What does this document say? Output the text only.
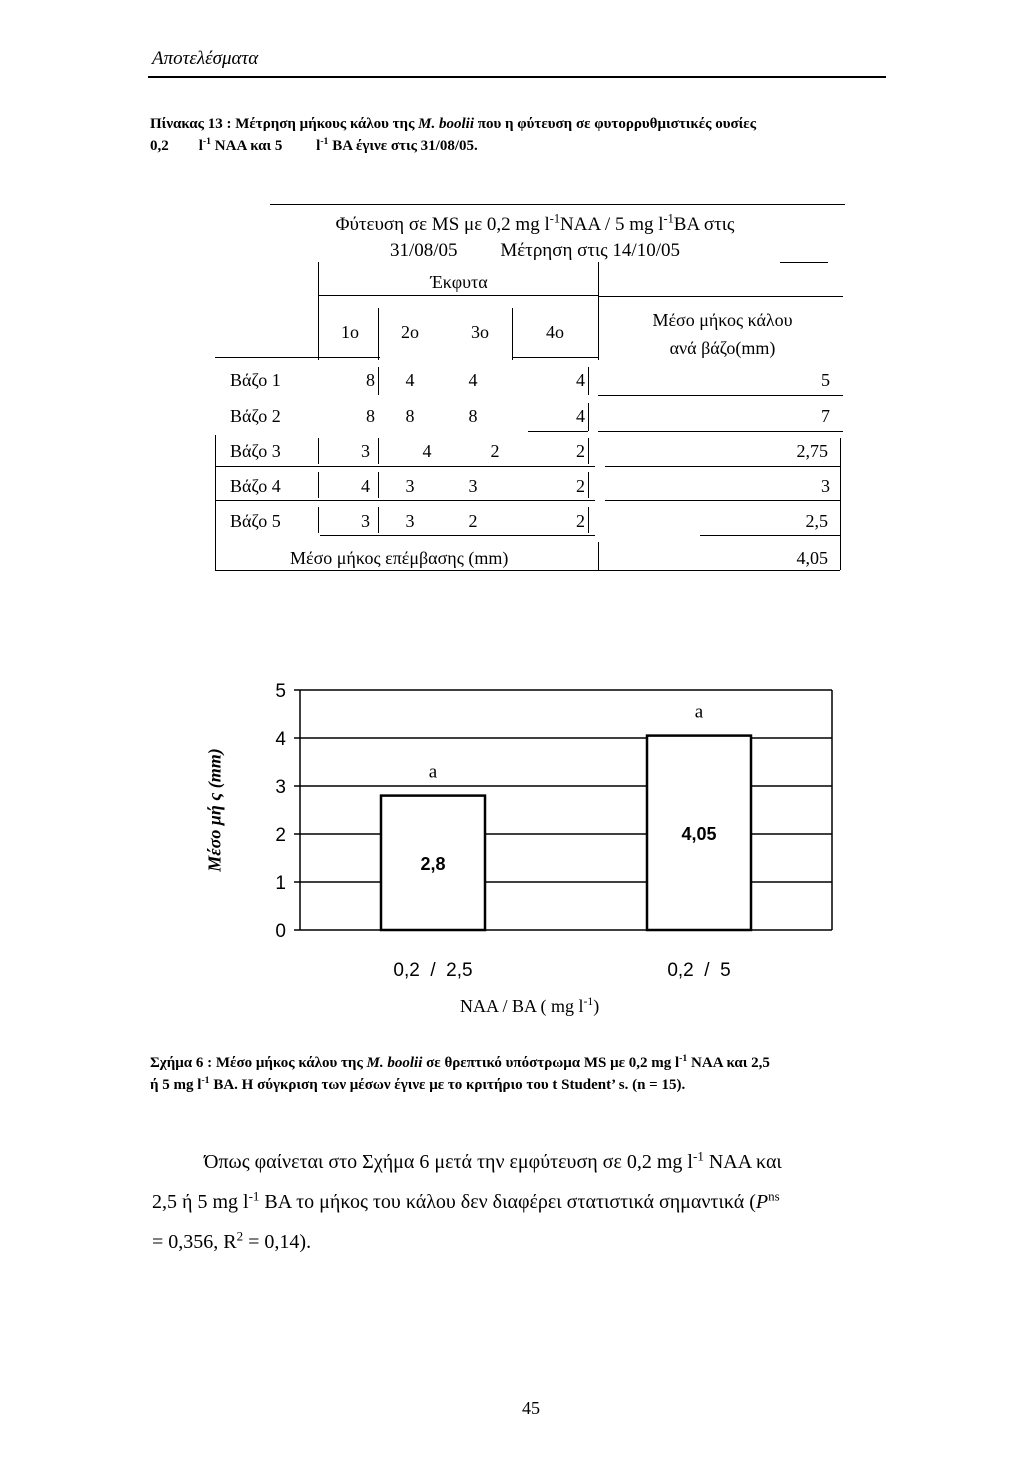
Αποτελέσματα
Πίνακας 13 : Μέτρηση μήκους κάλου της M. boolii που η φύτευση σε φυτορρυθμιστικές ουσίες
0,2 $l^{-1}$ NAA και 5 $l^{-1}$ BA έγινε στις 31/08/05.
Φύτευση σε MS με 0,2 mg $l^{-1}NAA / 5$ mg $l^{-1}BA$ στις
31/08/05 Μέτρηση στις 14/10/05
Έκφυτα
1ο	2ο	3ο	4ο
Μέσο μήκος κάλου
ανά βάζο(mm)
Βάζο 1	8	4	4	4	5
Βάζο 2	8	8	8	4	7
Βάζο 3	3	4	2	2	2,75
Βάζο 4	4	3	3	2	3
Βάζο 5	3	3	2	2	2,5
Μέσο μήκος επέμβασης (mm)	4,05
Μέσο μή ς (mm)
0
1
2
3
4
5
2,8
a
0,2  /  2,5
4,05
a
0,2  /  5
NAA / BA ( mg $l^{-1}$)
Σχήμα 6 : Μέσο μήκος κάλου της M. boolii σε θρεπτικό υπόστρωμα MS με 0,2 mg $l^{-1}$ NAA και 2,5
ή 5 mg $l^{-1}$ BA. Η σύγκριση των μέσων έγινε με το κριτήριο του t Student’ s. (n = 15).
Όπως φαίνεται στο Σχήμα 6 μετά την εμφύτευση σε 0,2 mg $l^{-1}$ NAA και
2,5 ή 5 mg $l^{-1}$ BA το μήκος του κάλου δεν διαφέρει στατιστικά σημαντικά ($P^{ns}$
= 0,356, $R^2 = 0,14$).
45
